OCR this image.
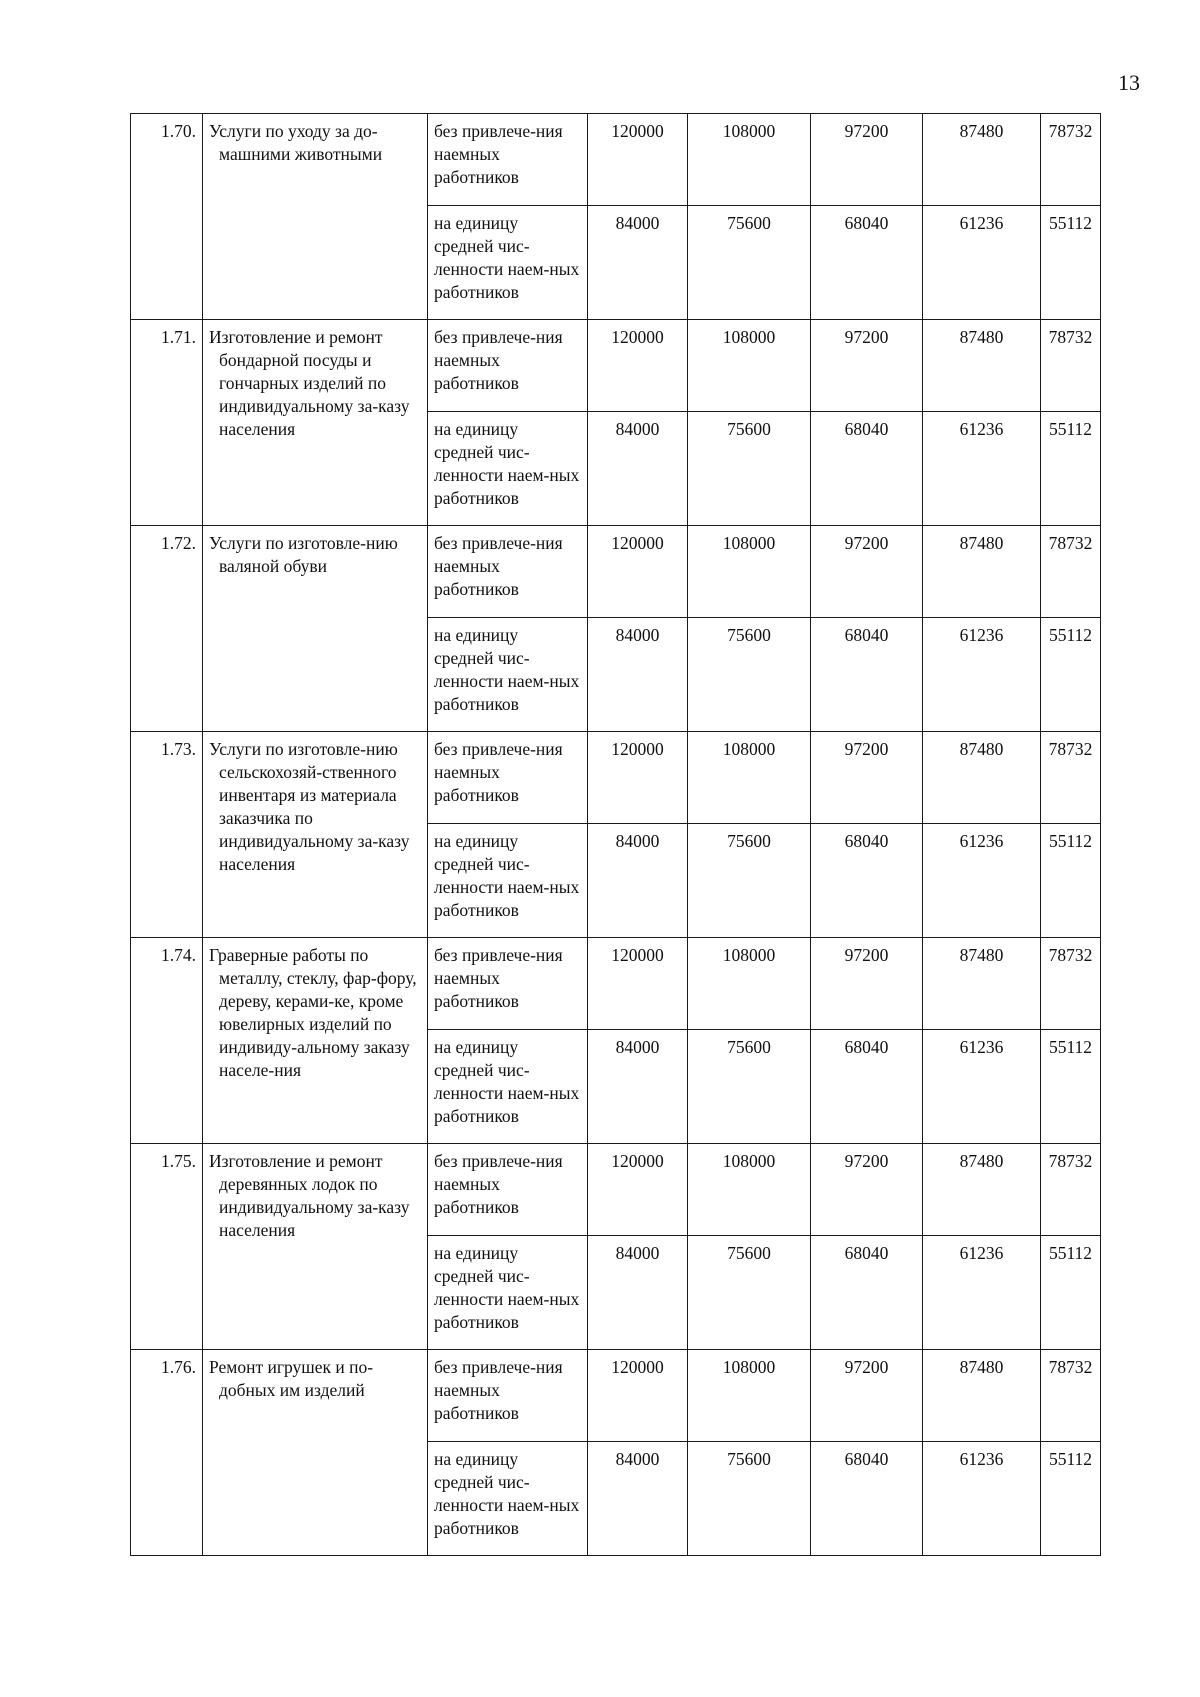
13
1.70.	Услуги по уходу за до-машними животными	без привлече-ния наемных работников	120000	108000	97200	87480	78732
		на единицу средней чис-ленности наем-ных работников	84000	75600	68040	61236	55112
1.71.	Изготовление и ремонт бондарной посуды и гончарных изделий по индивидуальному за-казу населения	без привлече-ния наемных работников	120000	108000	97200	87480	78732
		на единицу средней чис-ленности наем-ных работников	84000	75600	68040	61236	55112
1.72.	Услуги по изготовле-нию валяной обуви	без привлече-ния наемных работников	120000	108000	97200	87480	78732
		на единицу средней чис-ленности наем-ных работников	84000	75600	68040	61236	55112
1.73.	Услуги по изготовле-нию сельскохозяй-ственного инвентаря из материала заказчика по индивидуальному за-казу населения	без привлече-ния наемных работников	120000	108000	97200	87480	78732
		на единицу средней чис-ленности наем-ных работников	84000	75600	68040	61236	55112
1.74.	Граверные работы по металлу, стеклу, фар-фору, дереву, керами-ке, кроме ювелирных изделий по индивиду-альному заказу населе-ния	без привлече-ния наемных работников	120000	108000	97200	87480	78732
		на единицу средней чис-ленности наем-ных работников	84000	75600	68040	61236	55112
1.75.	Изготовление и ремонт деревянных лодок по индивидуальному за-казу населения	без привлече-ния наемных работников	120000	108000	97200	87480	78732
		на единицу средней чис-ленности наем-ных работников	84000	75600	68040	61236	55112
1.76.	Ремонт игрушек и по-добных им изделий	без привлече-ния наемных работников	120000	108000	97200	87480	78732
		на единицу средней чис-ленности наем-ных работников	84000	75600	68040	61236	55112
